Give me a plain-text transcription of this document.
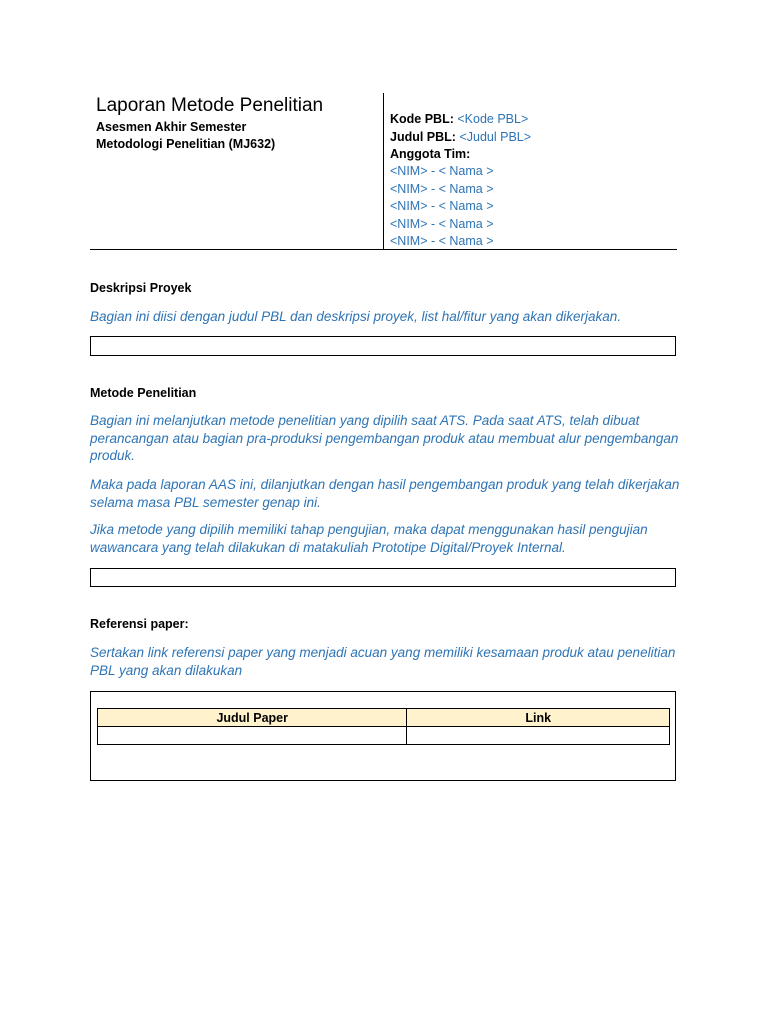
Laporan Metode Penelitian
Asesmen Akhir Semester
Metodologi Penelitian (MJ632)
Kode PBL: <Kode PBL>
Judul PBL: <Judul PBL>
Anggota Tim:
<NIM> - < Nama >
<NIM> - < Nama >
<NIM> - < Nama >
<NIM> - < Nama >
<NIM> - < Nama >
Deskripsi Proyek
Bagian ini diisi dengan judul PBL dan deskripsi proyek, list hal/fitur yang akan dikerjakan.
Metode Penelitian
Bagian ini melanjutkan metode penelitian yang dipilih saat ATS. Pada saat ATS, telah dibuat perancangan atau bagian pra-produksi pengembangan produk atau membuat alur pengembangan produk.
Maka pada laporan AAS ini, dilanjutkan dengan hasil pengembangan produk yang telah dikerjakan selama masa PBL semester genap ini.
Jika metode yang dipilih memiliki tahap pengujian, maka dapat menggunakan hasil pengujian wawancara yang telah dilakukan di matakuliah Prototipe Digital/Proyek Internal.
Referensi paper:
Sertakan link referensi paper yang menjadi acuan yang memiliki kesamaan produk atau penelitian PBL yang akan dilakukan
Judul Paper	Link
